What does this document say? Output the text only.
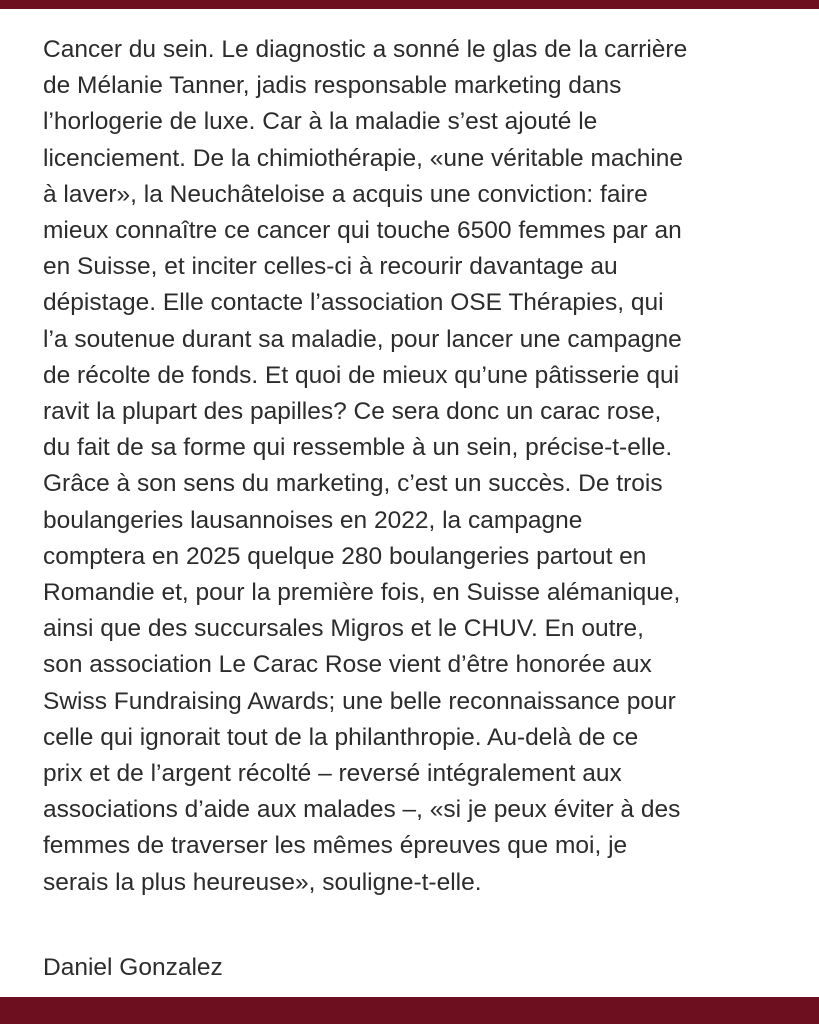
Cancer du sein. Le diagnostic a sonné le glas de la carrière
de Mélanie Tanner, jadis responsable marketing dans
l’horlogerie de luxe. Car à la maladie s’est ajouté le
licenciement. De la chimiothérapie, «une véritable machine
à laver», la Neuchâteloise a acquis une conviction: faire
mieux connaître ce cancer qui touche 6500 femmes par an
en Suisse, et inciter celles-ci à recourir davantage au
dépistage. Elle contacte l’association OSE Thérapies, qui
l’a soutenue durant sa maladie, pour lancer une campagne
de récolte de fonds. Et quoi de mieux qu’une pâtisserie qui
ravit la plupart des papilles? Ce sera donc un carac rose,
du fait de sa forme qui ressemble à un sein, précise-t-elle.
Grâce à son sens du marketing, c’est un succès. De trois
boulangeries lausannoises en 2022, la campagne
comptera en 2025 quelque 280 boulangeries partout en
Romandie et, pour la première fois, en Suisse alémanique,
ainsi que des succursales Migros et le CHUV. En outre,
son association Le Carac Rose vient d’être honorée aux
Swiss Fundraising Awards; une belle reconnaissance pour
celle qui ignorait tout de la philanthropie. Au-delà de ce
prix et de l’argent récolté – reversé intégralement aux
associations d’aide aux malades –, «si je peux éviter à des
femmes de traverser les mêmes épreuves que moi, je
serais la plus heureuse», souligne-t-elle.
Daniel Gonzalez
